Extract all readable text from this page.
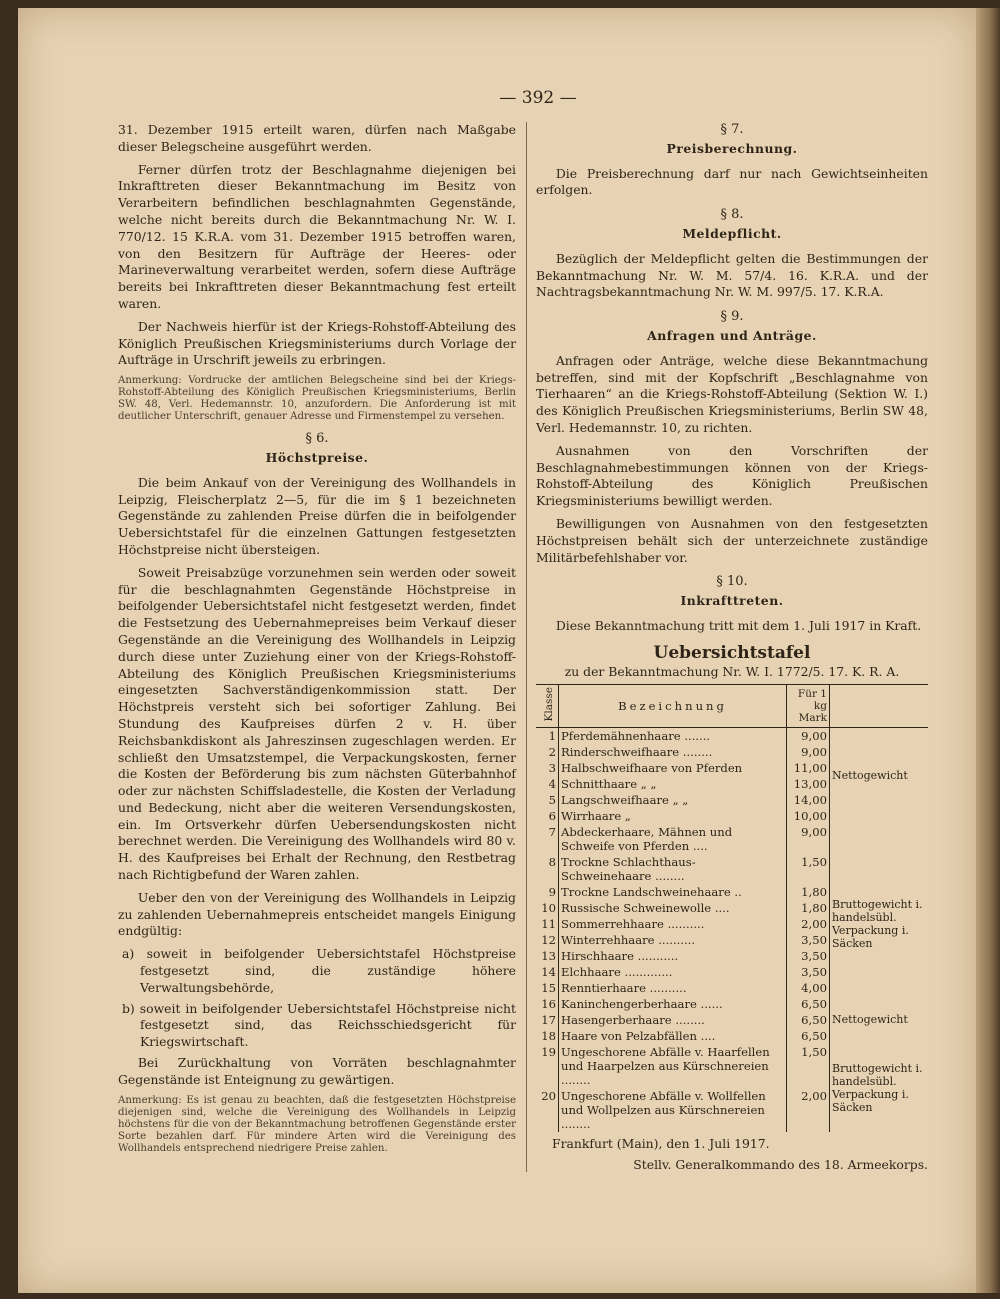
— 392 —

31. Dezember 1915 erteilt waren, dürfen nach Maßgabe dieser Belegscheine ausgeführt werden.

Ferner dürfen trotz der Beschlagnahme diejenigen bei Inkrafttreten dieser Bekanntmachung im Besitz von Verarbeitern befindlichen beschlagnahmten Gegenstände, welche nicht bereits durch die Bekanntmachung Nr. W. I. 770/12. 15 K.R.A. vom 31. Dezember 1915 betroffen waren, von den Besitzern für Aufträge der Heeres- oder Marineverwaltung verarbeitet werden, sofern diese Aufträge bereits bei Inkrafttreten dieser Bekanntmachung fest erteilt waren.

Der Nachweis hierfür ist der Kriegs-Rohstoff-Abteilung des Königlich Preußischen Kriegsministeriums durch Vorlage der Aufträge in Urschrift jeweils zu erbringen.

Anmerkung: Vordrucke der amtlichen Belegscheine sind bei der Kriegs-Rohstoff-Abteilung des Königlich Preußischen Kriegsministeriums, Berlin SW. 48, Verl. Hedemannstr. 10, anzufordern. Die Anforderung ist mit deutlicher Unterschrift, genauer Adresse und Firmenstempel zu versehen.
§ 6.
Höchstpreise.

Die beim Ankauf von der Vereinigung des Wollhandels in Leipzig, Fleischerplatz 2—5, für die im § 1 bezeichneten Gegenstände zu zahlenden Preise dürfen die in beifolgender Uebersichtstafel für die einzelnen Gattungen festgesetzten Höchstpreise nicht übersteigen.

Soweit Preisabzüge vorzunehmen sein werden oder soweit für die beschlagnahmten Gegenstände Höchstpreise in beifolgender Uebersichtstafel nicht festgesetzt werden, findet die Festsetzung des Uebernahmepreises beim Verkauf dieser Gegenstände an die Vereinigung des Wollhandels in Leipzig durch diese unter Zuziehung einer von der Kriegs-Rohstoff-Abteilung des Königlich Preußischen Kriegsministeriums eingesetzten Sachverständigenkommission statt. Der Höchstpreis versteht sich bei sofortiger Zahlung. Bei Stundung des Kaufpreises dürfen 2 v. H. über Reichsbankdiskont als Jahreszinsen zugeschlagen werden. Er schließt den Umsatzstempel, die Verpackungskosten, ferner die Kosten der Beförderung bis zum nächsten Güterbahnhof oder zur nächsten Schiffsladestelle, die Kosten der Verladung und Bedeckung, nicht aber die weiteren Versendungskosten, ein. Im Ortsverkehr dürfen Uebersendungskosten nicht berechnet werden. Die Vereinigung des Wollhandels wird 80 v. H. des Kaufpreises bei Erhalt der Rechnung, den Restbetrag nach Richtigbefund der Waren zahlen.

Ueber den von der Vereinigung des Wollhandels in Leipzig zu zahlenden Uebernahmepreis entscheidet mangels Einigung endgültig:

a) soweit in beifolgender Uebersichtstafel Höchstpreise festgesetzt sind, die zuständige höhere Verwaltungsbehörde,
b) soweit in beifolgender Uebersichtstafel Höchstpreise nicht festgesetzt sind, das Reichsschiedsgericht für Kriegswirtschaft.

Bei Zurückhaltung von Vorräten beschlagnahmter Gegenstände ist Enteignung zu gewärtigen.

Anmerkung: Es ist genau zu beachten, daß die festgesetzten Höchstpreise diejenigen sind, welche die Vereinigung des Wollhandels in Leipzig höchstens für die von der Bekanntmachung betroffenen Gegenstände erster Sorte bezahlen darf. Für mindere Arten wird die Vereinigung des Wollhandels entsprechend niedrigere Preise zahlen.
§ 7.
Preisberechnung.

Die Preisberechnung darf nur nach Gewichtseinheiten erfolgen.

§ 8.
Meldepflicht.

Bezüglich der Meldepflicht gelten die Bestimmungen der Bekanntmachung Nr. W. M. 57/4. 16. K.R.A. und der Nachtragsbekanntmachung Nr. W. M. 997/5. 17. K.R.A.

§ 9.
Anfragen und Anträge.

Anfragen oder Anträge, welche diese Bekanntmachung betreffen, sind mit der Kopfschrift „Beschlagnahme von Tierhaaren“ an die Kriegs-Rohstoff-Abteilung (Sektion W. I.) des Königlich Preußischen Kriegsministeriums, Berlin SW 48, Verl. Hedemannstr. 10, zu richten.

Ausnahmen von den Vorschriften der Beschlagnahmebestimmungen können von der Kriegs-Rohstoff-Abteilung des Königlich Preußischen Kriegsministeriums bewilligt werden.

Bewilligungen von Ausnahmen von den festgesetzten Höchstpreisen behält sich der unterzeichnete zuständige Militärbefehlshaber vor.

§ 10.
Inkrafttreten.

Diese Bekanntmachung tritt mit dem 1. Juli 1917 in Kraft.

Uebersichtstafel
zu der Bekanntmachung Nr. W. I. 1772/5. 17. K. R. A.
Klasse	Bezeichnung	Für 1 kg Mark	
1	Pferdemähnenhaare .......	9,00	Nettogewicht
2	Rinderschweifhaare ........	9,00	
3	Halbschweifhaare von Pferden	11,00	
4	Schnitthaare „ „	13,00	
5	Langschweifhaare „ „	14,00	
6	Wirrhaare „	10,00	
7	Abdeckerhaare, Mähnen und Schweife von Pferden ....	9,00	
8	Trockne Schlachthaus-Schweinehaare ........	1,50	
9	Trockne Landschweinehaare ..	1,80	Bruttogewicht i. handelsübl. Verpackung i. Säcken
10	Russische Schweinewolle ....	1,80	
11	Sommerrehhaare ..........	2,00	
12	Winterrehhaare ..........	3,50	
13	Hirschhaare ...........	3,50	
14	Elchhaare .............	3,50	
15	Renntierhaare ..........	4,00	
16	Kaninchengerberhaare ......	6,50	Nettogewicht
17	Hasengerberhaare ........	6,50	
18	Haare von Pelzabfällen ....	6,50	
19	Ungeschorene Abfälle v. Haarfellen und Haarpelzen aus Kürschnereien ........	1,50	Bruttogewicht i. handelsübl. Verpackung i. Säcken
20	Ungeschorene Abfälle v. Wollfellen und Wollpelzen aus Kürschnereien ........	2,00	
Frankfurt (Main), den 1. Juli 1917.
Stellv. Generalkommando des 18. Armeekorps.
